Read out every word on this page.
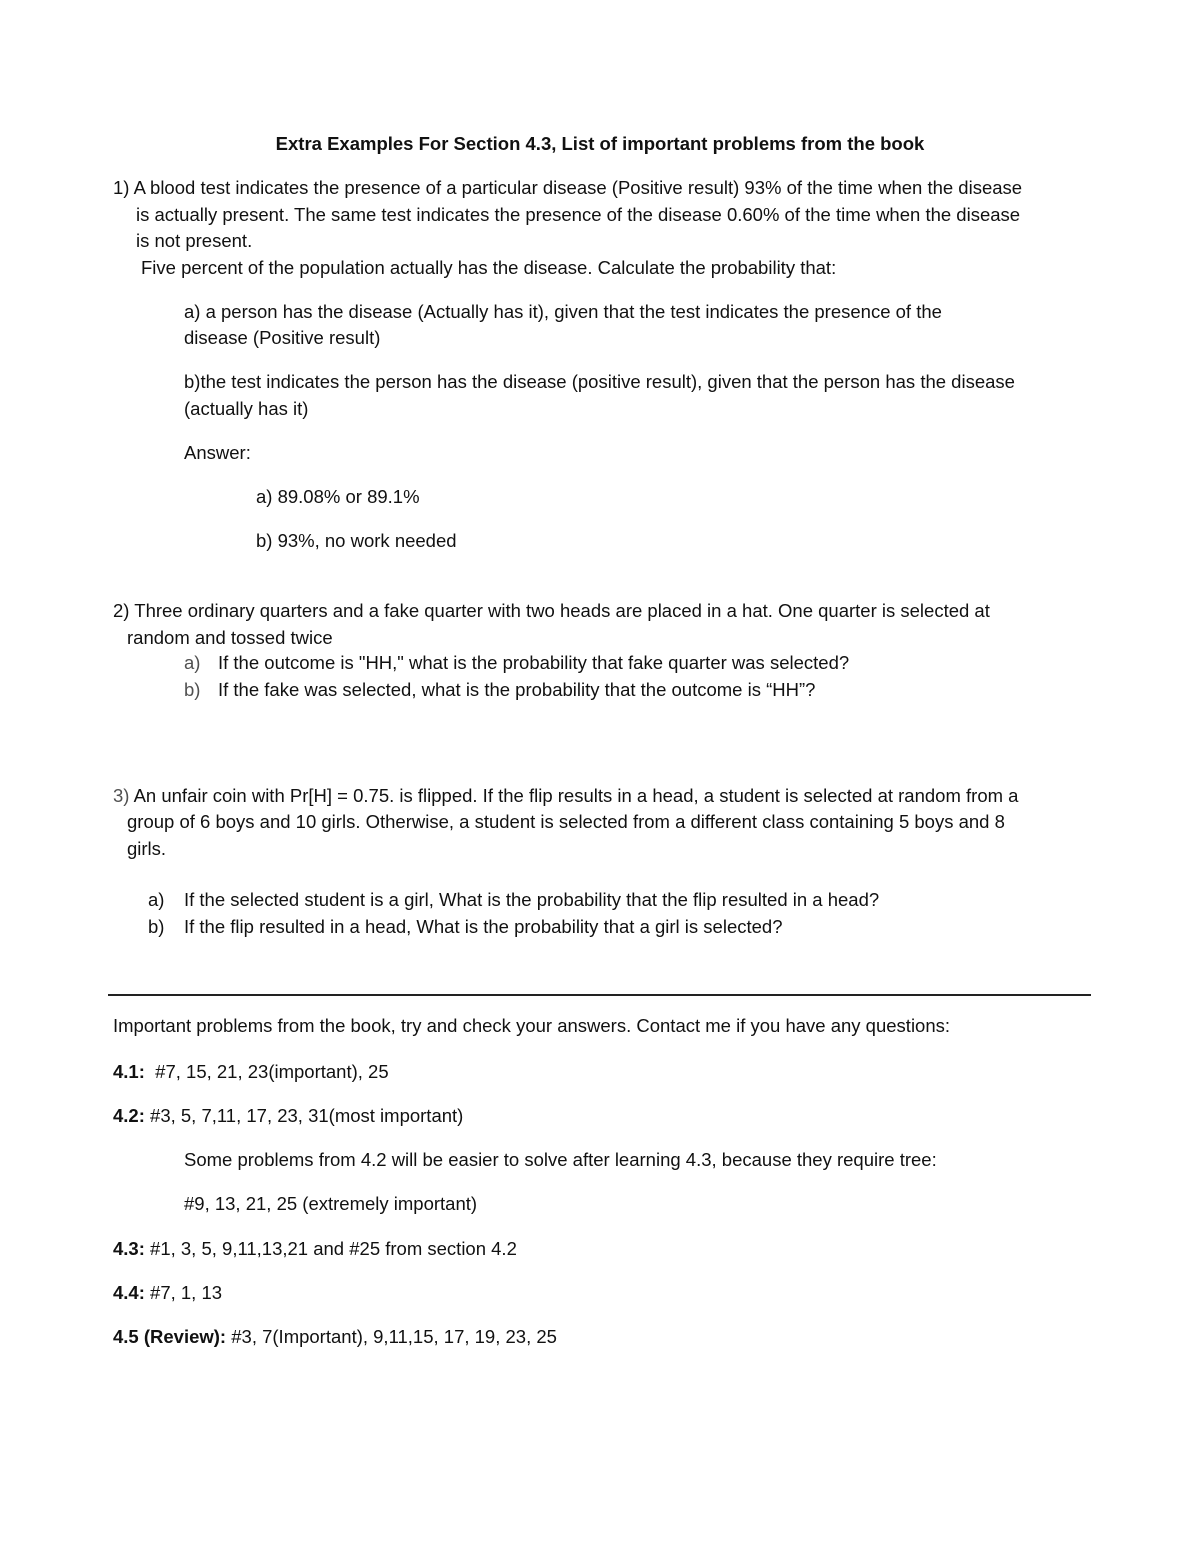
Extra Examples For Section 4.3, List of important problems from the book
1) A blood test indicates the presence of a particular disease (Positive result) 93% of the time when the disease
is actually present. The same test indicates the presence of the disease 0.60% of the time when the disease
is not present.
Five percent of the population actually has the disease. Calculate the probability that:
a) a person has the disease (Actually has it), given that the test indicates the presence of the
disease (Positive result)
b)the test indicates the person has the disease (positive result), given that the person has the disease
(actually has it)
Answer:
a) 89.08% or 89.1%
b) 93%, no work needed
2) Three ordinary quarters and a fake quarter with two heads are placed in a hat. One quarter is selected at
random and tossed twice
a) If the outcome is "HH," what is the probability that fake quarter was selected?
b) If the fake was selected, what is the probability that the outcome is “HH”?
3) An unfair coin with Pr[H] = 0.75. is flipped. If the flip results in a head, a student is selected at random from a
group of 6 boys and 10 girls. Otherwise, a student is selected from a different class containing 5 boys and 8
girls.
a) If the selected student is a girl, What is the probability that the flip resulted in a head?
b) If the flip resulted in a head, What is the probability that a girl is selected?
Important problems from the book, try and check your answers. Contact me if you have any questions:
4.1: #7, 15, 21, 23(important), 25
4.2: #3, 5, 7,11, 17, 23, 31(most important)
Some problems from 4.2 will be easier to solve after learning 4.3, because they require tree:
#9, 13, 21, 25 (extremely important)
4.3: #1, 3, 5, 9,11,13,21 and #25 from section 4.2
4.4: #7, 1, 13
4.5 (Review): #3, 7(Important), 9,11,15, 17, 19, 23, 25
